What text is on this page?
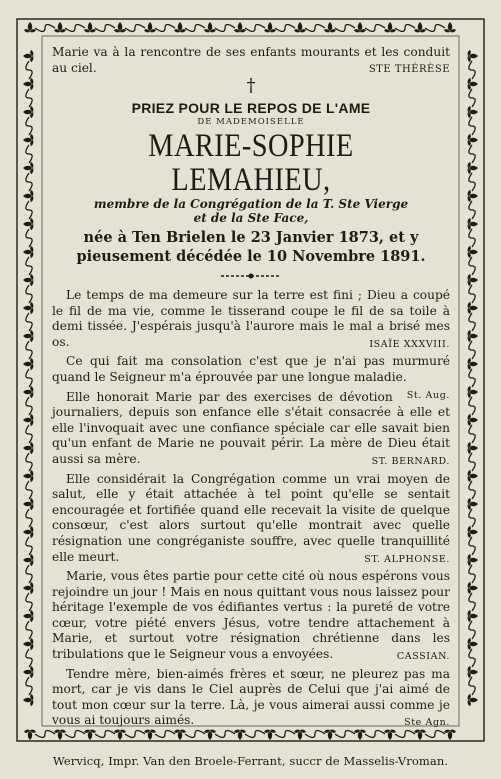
Marie va à la rencontre de ses enfants mourants et les conduit au ciel.	STE THÉRÈSE
†
PRIEZ POUR LE REPOS DE L'AME
DE MADEMOISELLE
MARIE-SOPHIE LEMAHIEU,
membre de la Congrégation de la T. Ste Vierge
et de la Ste Face,
née à Ten Brielen le 23 Janvier 1873, et y pieusement décédée le 10 Novembre 1891.

Le temps de ma demeure sur la terre est fini ; Dieu a coupé le fil de ma vie, comme le tisserand coupe le fil de sa toile à demi tissée. J'espérais jusqu'à l'aurore mais le mal a brisé mes os.	ISAÏE XXXVIII.

Ce qui fait ma consolation c'est que je n'ai pas murmuré quand le Seigneur m'a éprouvée par une longue maladie.
St. Aug.

Elle honorait Marie par des exercises de dévotion journaliers, depuis son enfance elle s'était consacrée à elle et elle l'invoquait avec une confiance spéciale car elle savait bien qu'un enfant de Marie ne pouvait périr. La mère de Dieu était aussi sa mère.	ST. BERNARD.

Elle considérait la Congrégation comme un vrai moyen de salut, elle y était attachée à tel point qu'elle se sentait encouragée et fortifiée quand elle recevait la visite de quelque consœur, c'est alors surtout qu'elle montrait avec quelle résignation une congréganiste souffre, avec quelle tranquillité elle meurt.	ST. ALPHONSE.

Marie, vous êtes partie pour cette cité où nous espérons vous rejoindre un jour ! Mais en nous quittant vous nous laissez pour héritage l'exemple de vos édifiantes vertus : la pureté de votre cœur, votre piété envers Jésus, votre tendre attachement à Marie, et surtout votre résignation chrétienne dans les tribulations que le Seigneur vous a envoyées.	CASSIAN.

Tendre mère, bien-aimés frères et sœur, ne pleurez pas ma mort, car je vis dans le Ciel auprès de Celui que j'ai aimé de tout mon cœur sur la terre. Là, je vous aimerai aussi comme je vous ai toujours aimés.	Ste Agn.

Wervicq, Impr. Van den Broele-Ferrant, succr de Masselis-Vroman.
